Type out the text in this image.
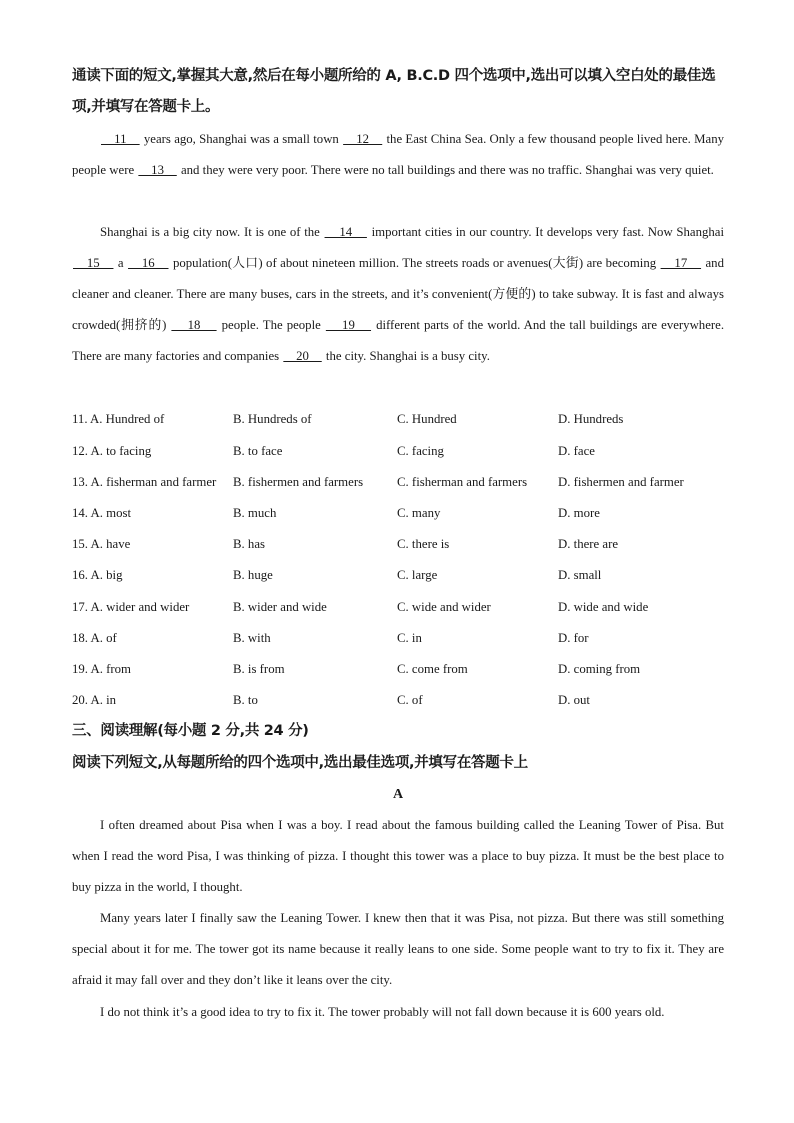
通读下面的短文,掌握其大意,然后在每小题所给的 A, B.C.D 四个选项中,选出可以填入空白处的最佳选项,并填写在答题卡上。
11     years ago, Shanghai was a small town     12     the East China Sea. Only a few thousand people lived here. Many people were     13     and they were very poor. There were no tall buildings and there was no traffic. Shanghai was very quiet.
Shanghai is a big city now. It is one of the     14     important cities in our country. It develops very fast. Now Shanghai     15     a     16     population(人口) of about nineteen million. The streets roads or avenues(大街) are becoming     17     and cleaner and cleaner. There are many buses, cars in the streets, and it’s convenient(方便的) to take subway. It is fast and always crowded(拥挤的)     18     people. The people     19     different parts of the world. And the tall buildings are everywhere. There are many factories and companies     20     the city. Shanghai is a busy city.
11. A. Hundred of	B. Hundreds of	C. Hundred	D. Hundreds
12. A. to facing	B. to face	C. facing	D. face
13. A. fisherman and farmer B. fishermen and farmers	C. fisherman and farmers D. fishermen and farmer
14. A. most	B. much	C. many	D. more
15. A. have	B. has	C. there is	D. there are
16. A. big	B. huge	C. large	D. small
17. A. wider and wider	B. wider and wide	C. wide and wider	D. wide and wide
18. A. of	B. with	C. in	D. for
19. A. from	B. is from	C. come from	D. coming from
20. A. in	B. to	C. of	D. out
三、阅读理解(每小题 2 分,共 24 分)
阅读下列短文,从每题所给的四个选项中,选出最佳选项,并填写在答题卡上
A
I often dreamed about Pisa when I was a boy. I read about the famous building called the Leaning Tower of Pisa. But when I read the word Pisa, I was thinking of pizza. I thought this tower was a place to buy pizza. It must be the best place to buy pizza in the world, I thought.
Many years later I finally saw the Leaning Tower. I knew then that it was Pisa, not pizza. But there was still something special about it for me. The tower got its name because it really leans to one side. Some people want to try to fix it. They are afraid it may fall over and they don’t like it leans over the city.
I do not think it’s a good idea to try to fix it. The tower probably will not fall down because it is 600 years old.
